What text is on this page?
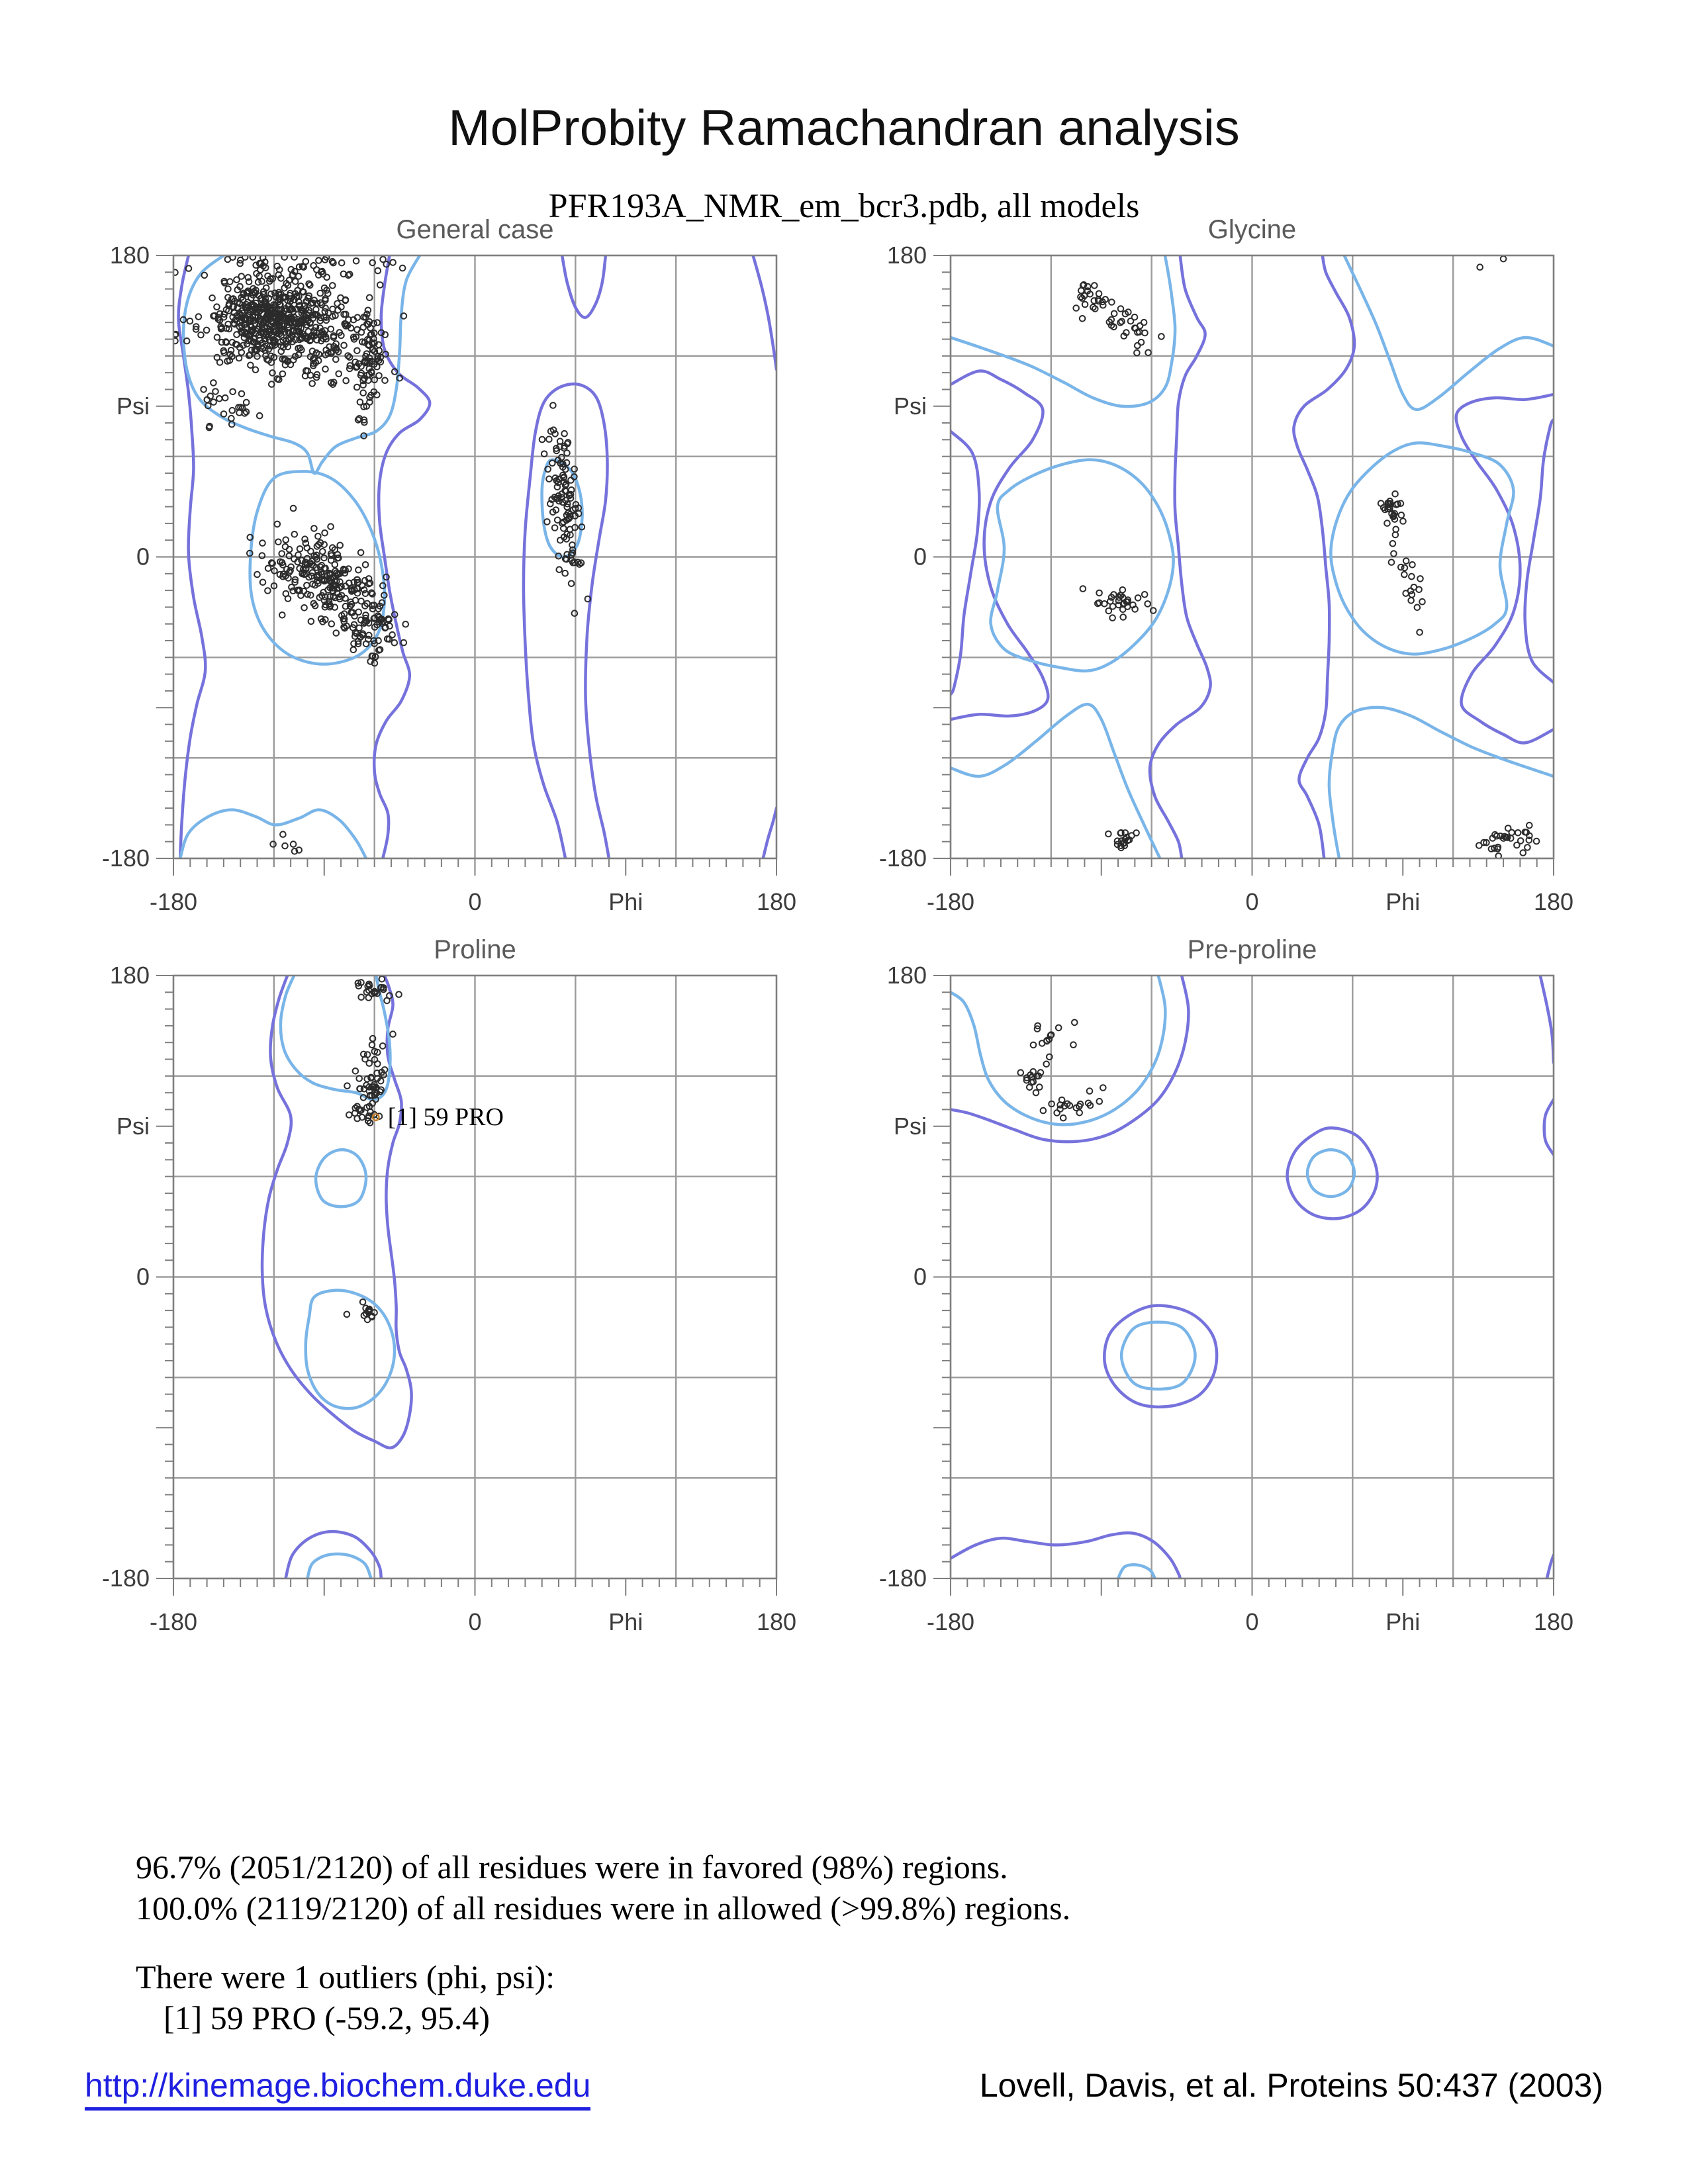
MolProbity Ramachandran analysis
PFR193A_NMR_em_bcr3.pdb, all models
General case
-180	0	Phi	180
180
Psi
0
-180
Glycine
-180	0	Phi	180
180
Psi
0
-180
Proline
[1] 59 PRO
-180	0	Phi	180
180
Psi
0
-180
Pre-proline
-180	0	Phi	180
180
Psi
0
-180
96.7% (2051/2120) of all residues were in favored (98%) regions.
100.0% (2119/2120) of all residues were in allowed (>99.8%) regions.
There were 1 outliers (phi, psi):
[1] 59 PRO (-59.2, 95.4)
http://kinemage.biochem.duke.edu	Lovell, Davis, et al. Proteins 50:437 (2003)
